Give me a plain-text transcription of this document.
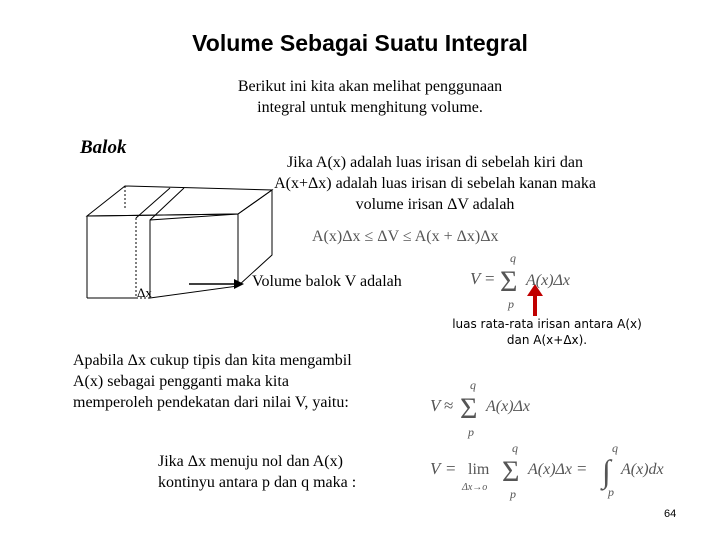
Volume Sebagai Suatu Integral
Berikut ini kita akan melihat penggunaan
integral untuk menghitung volume.
Balok
Jika A(x) adalah luas irisan di sebelah kiri dan
A(x+Δx) adalah luas irisan di sebelah kanan maka
volume irisan ΔV adalah
A(x)Δx ≤ ΔV ≤ A(x + Δx)Δx
Volume balok V adalah
luas rata-rata irisan antara A(x)
dan A(x+Δx).
Apabila Δx cukup tipis dan kita mengambil
A(x) sebagai pengganti maka kita
memperoleh pendekatan dari nilai V, yaitu:
Jika Δx menuju nol dan A(x)
kontinyu antara p dan q maka :
Δx
64
V =
q
Σ
p
A(x)Δx
V ≈
q
Σ
p
A(x)Δx
V = lim
Δx→o
q
Σ
p
A(x)Δx = ∫
q
p
A(x)dx
